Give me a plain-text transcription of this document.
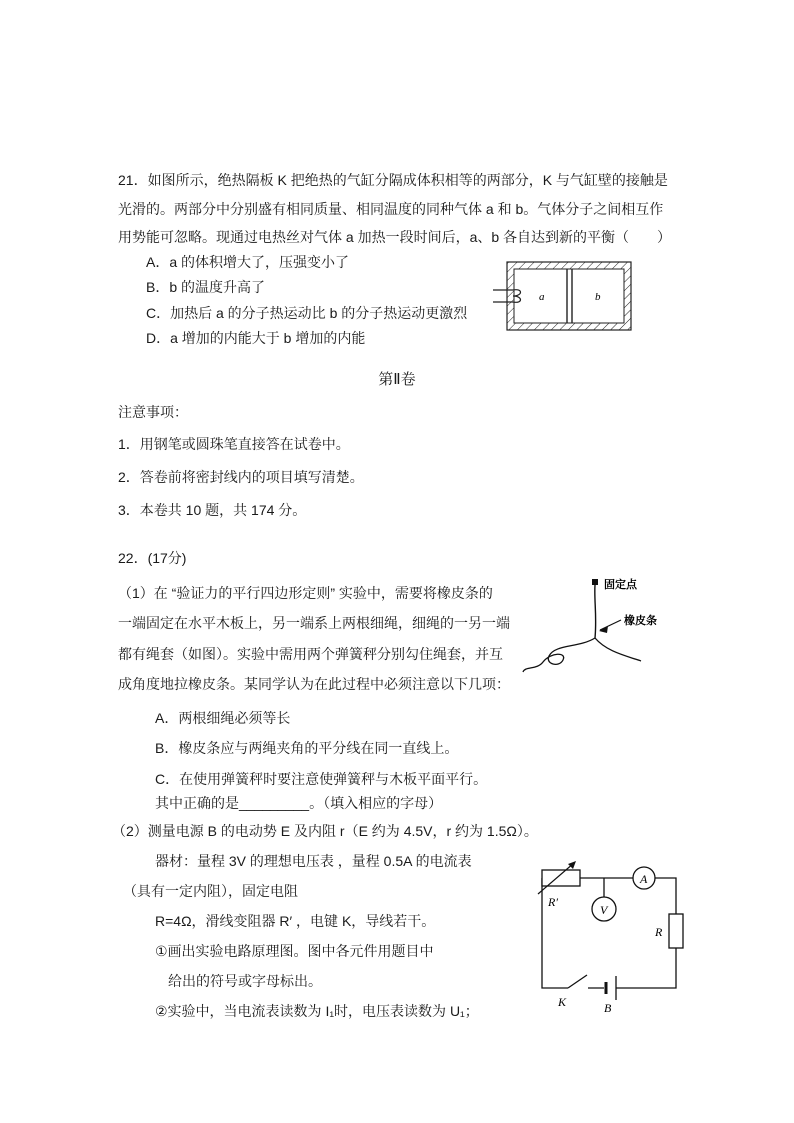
21．如图所示，绝热隔板 K 把绝热的气缸分隔成体积相等的两部分，K 与气缸壁的接触是
光滑的。两部分中分别盛有相同质量、相同温度的同种气体 a 和 b。气体分子之间相互作
用势能可忽略。现通过电热丝对气体 a 加热一段时间后，a、b 各自达到新的平衡（　　）
A．a 的体积增大了，压强变小了
B．b 的温度升高了
C．加热后 a 的分子热运动比 b 的分子热运动更激烈
D．a 增加的内能大于 b 增加的内能
a	b
第Ⅱ卷
注意事项：
1．用钢笔或圆珠笔直接答在试卷中。
2．答卷前将密封线内的项目填写清楚。
3．本卷共 10 题，共 174 分。
22．(17分)
（1）在 “验证力的平行四边形定则” 实验中，需要将橡皮条的
一端固定在水平木板上，另一端系上两根细绳，细绳的一另一端
都有绳套（如图）。实验中需用两个弹簧秤分别勾住绳套，并互
成角度地拉橡皮条。某同学认为在此过程中必须注意以下几项：
固定点
橡皮条
A．两根细绳必须等长
B．橡皮条应与两绳夹角的平分线在同一直线上。
C．在使用弹簧秤时要注意使弹簧秤与木板平面平行。
其中正确的是_________。（填入相应的字母）
（2）测量电源 B 的电动势 E 及内阻 r（E 约为 4.5V，r 约为 1.5Ω）。
器材：量程 3V 的理想电压表 ，量程 0.5A 的电流表
（具有一定内阻），固定电阻
R=4Ω，滑线变阻器 R′ ，电键 K，导线若干。
①画出实验电路原理图。图中各元件用题目中
给出的符号或字母标出。
②实验中，当电流表读数为 I₁时，电压表读数为 U₁；
R′
A
V
R
K	B
